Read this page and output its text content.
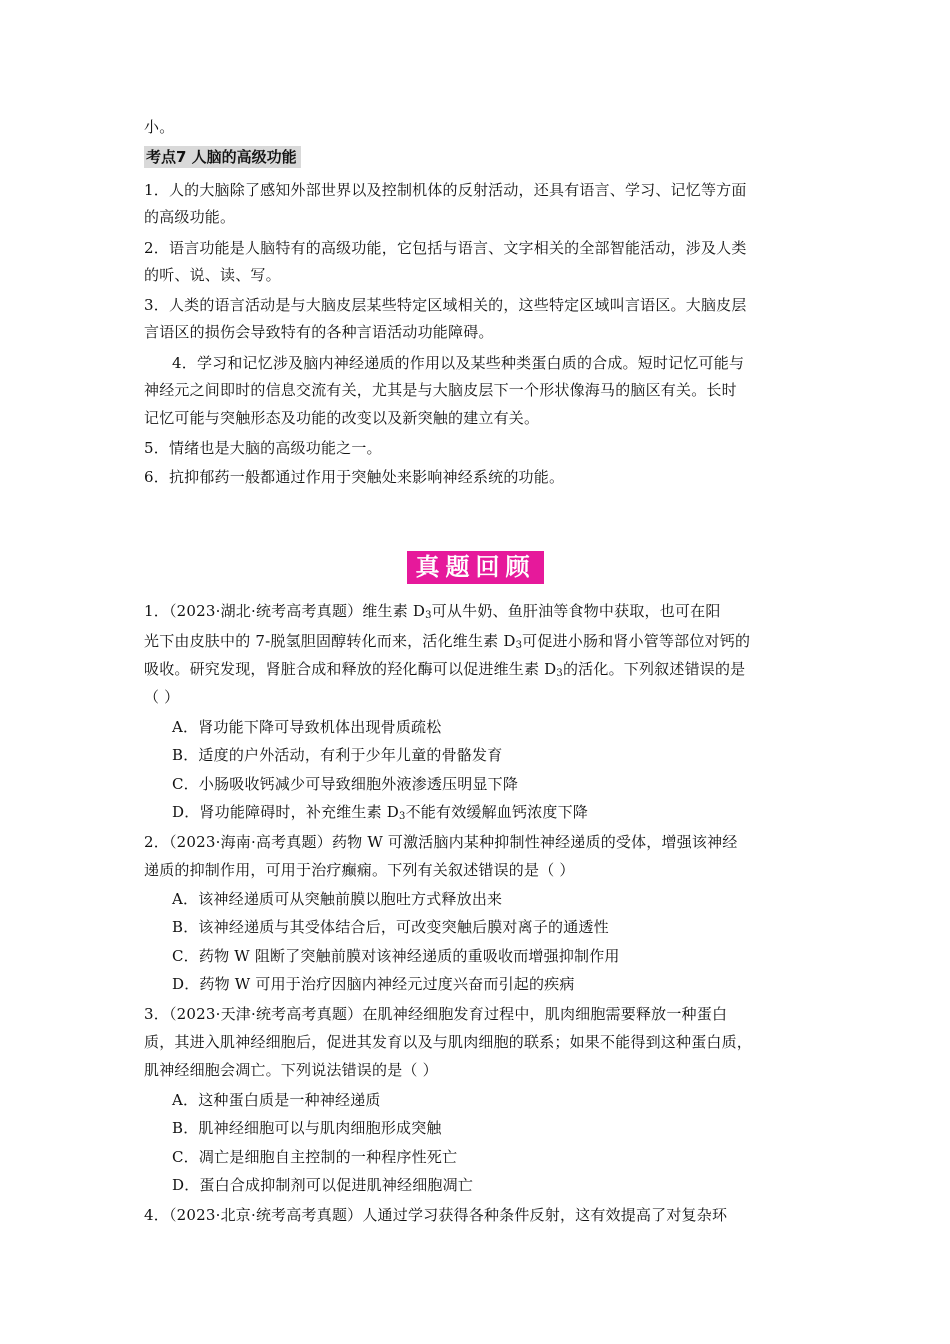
小。
考点7 人脑的高级功能
1．人的大脑除了感知外部世界以及控制机体的反射活动，还具有语言、学习、记忆等方面
的高级功能。
2．语言功能是人脑特有的高级功能，它包括与语言、文字相关的全部智能活动，涉及人类
的听、说、读、写。
3．人类的语言活动是与大脑皮层某些特定区域相关的，这些特定区域叫言语区。大脑皮层
言语区的损伤会导致特有的各种言语活动功能障碍。
4．学习和记忆涉及脑内神经递质的作用以及某些种类蛋白质的合成。短时记忆可能与
神经元之间即时的信息交流有关，尤其是与大脑皮层下一个形状像海马的脑区有关。长时
记忆可能与突触形态及功能的改变以及新突触的建立有关。
5．情绪也是大脑的高级功能之一。
6．抗抑郁药一般都通过作用于突触处来影响神经系统的功能。
真题回顾
1．（2023·湖北·统考高考真题）维生素 $D_3$可从牛奶、鱼肝油等食物中获取，也可在阳
光下由皮肤中的 7-脱氢胆固醇转化而来，活化维生素 $D_3$可促进小肠和肾小管等部位对钙的
吸收。研究发现，肾脏合成和释放的羟化酶可以促进维生素 $D_3$的活化。下列叙述错误的是
（ ）
A．肾功能下降可导致机体出现骨质疏松
B．适度的户外活动，有利于少年儿童的骨骼发育
C．小肠吸收钙减少可导致细胞外液渗透压明显下降
D．肾功能障碍时，补充维生素 $D_3$不能有效缓解血钙浓度下降
2．（2023·海南·高考真题）药物 W 可激活脑内某种抑制性神经递质的受体，增强该神经
递质的抑制作用，可用于治疗癫痫。下列有关叙述错误的是（ ）
A．该神经递质可从突触前膜以胞吐方式释放出来
B．该神经递质与其受体结合后，可改变突触后膜对离子的通透性
C．药物 W 阻断了突触前膜对该神经递质的重吸收而增强抑制作用
D．药物 W 可用于治疗因脑内神经元过度兴奋而引起的疾病
3．（2023·天津·统考高考真题）在肌神经细胞发育过程中，肌肉细胞需要释放一种蛋白
质，其进入肌神经细胞后，促进其发育以及与肌肉细胞的联系；如果不能得到这种蛋白质，
肌神经细胞会凋亡。下列说法错误的是（ ）
A．这种蛋白质是一种神经递质
B．肌神经细胞可以与肌肉细胞形成突触
C．凋亡是细胞自主控制的一种程序性死亡
D．蛋白合成抑制剂可以促进肌神经细胞凋亡
4．（2023·北京·统考高考真题）人通过学习获得各种条件反射，这有效提高了对复杂环
